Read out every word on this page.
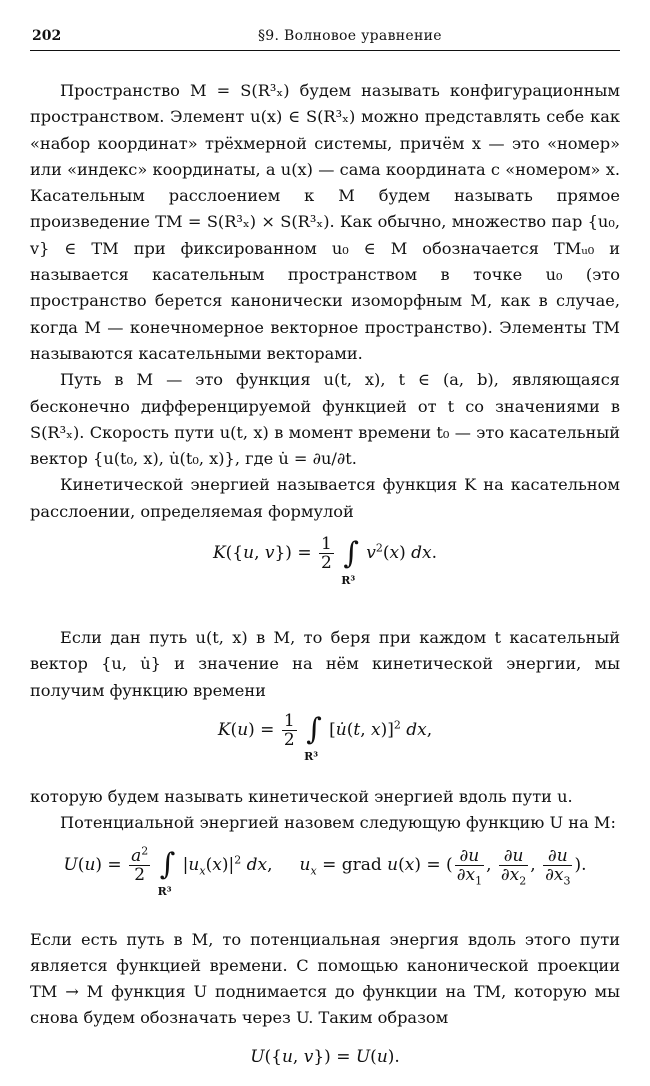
202	§9. Волновое уравнение

Пространство M = S(R³ₓ) будем называть конфигурационным пространством. Элемент u(x) ∈ S(R³ₓ) можно представлять себе как «набор координат» трёхмерной системы, причём x — это «номер» или «индекс» координаты, а u(x) — сама координата с «номером» x. Касательным расслоением к M будем называть прямое произведение TM = S(R³ₓ) × S(R³ₓ). Как обычно, множество пар {u₀, v} ∈ TM при фиксированном u₀ ∈ M обозначается TMᵤ₀ и называется касательным пространством в точке u₀ (это пространство берется канонически изоморфным M, как в случае, когда M — конечномерное векторное пространство). Элементы TM называются касательными векторами.

Путь в M — это функция u(t, x), t ∈ (a, b), являющаяся бесконечно дифференцируемой функцией от t со значениями в S(R³ₓ). Скорость пути u(t, x) в момент времени t₀ — это касательный вектор {u(t₀, x), u̇(t₀, x)}, где u̇ = ∂u/∂t.

Кинетической энергией называется функция K на касательном расслоении, определяемая формулой

K({u, $v\}) = \frac{1}{2}$ ∫
R³
$v^2(x)$ dx.

Если дан путь u(t, x) в M, то беря при каждом t касательный вектор {u, u̇} и значение на нём кинетической энергии, мы получим функцию времени

$K(u) = \frac{1}{2}$ ∫
R³
[u̇(t, x)]$^2$ dx,

которую будем называть кинетической энергией вдоль пути u.

Потенциальной энергией назовем следующую функцию U на M:

$U(u) = \frac{a^2}{2}$ ∫
R³
$|u_x(x)|^2$ dx,     $u_x$ = grad u(x) = ( $\frac{\partial u}{\partial x_1}$ , $\frac{\partial u}{\partial x_2}$ , $\frac{\partial u}{\partial x_3}$ ).

Если есть путь в M, то потенциальная энергия вдоль этого пути является функцией времени. С помощью канонической проекции TM → M функция U поднимается до функции на TM, которую мы снова будем обозначать через U. Таким образом

U({u, v}) = U(u).
